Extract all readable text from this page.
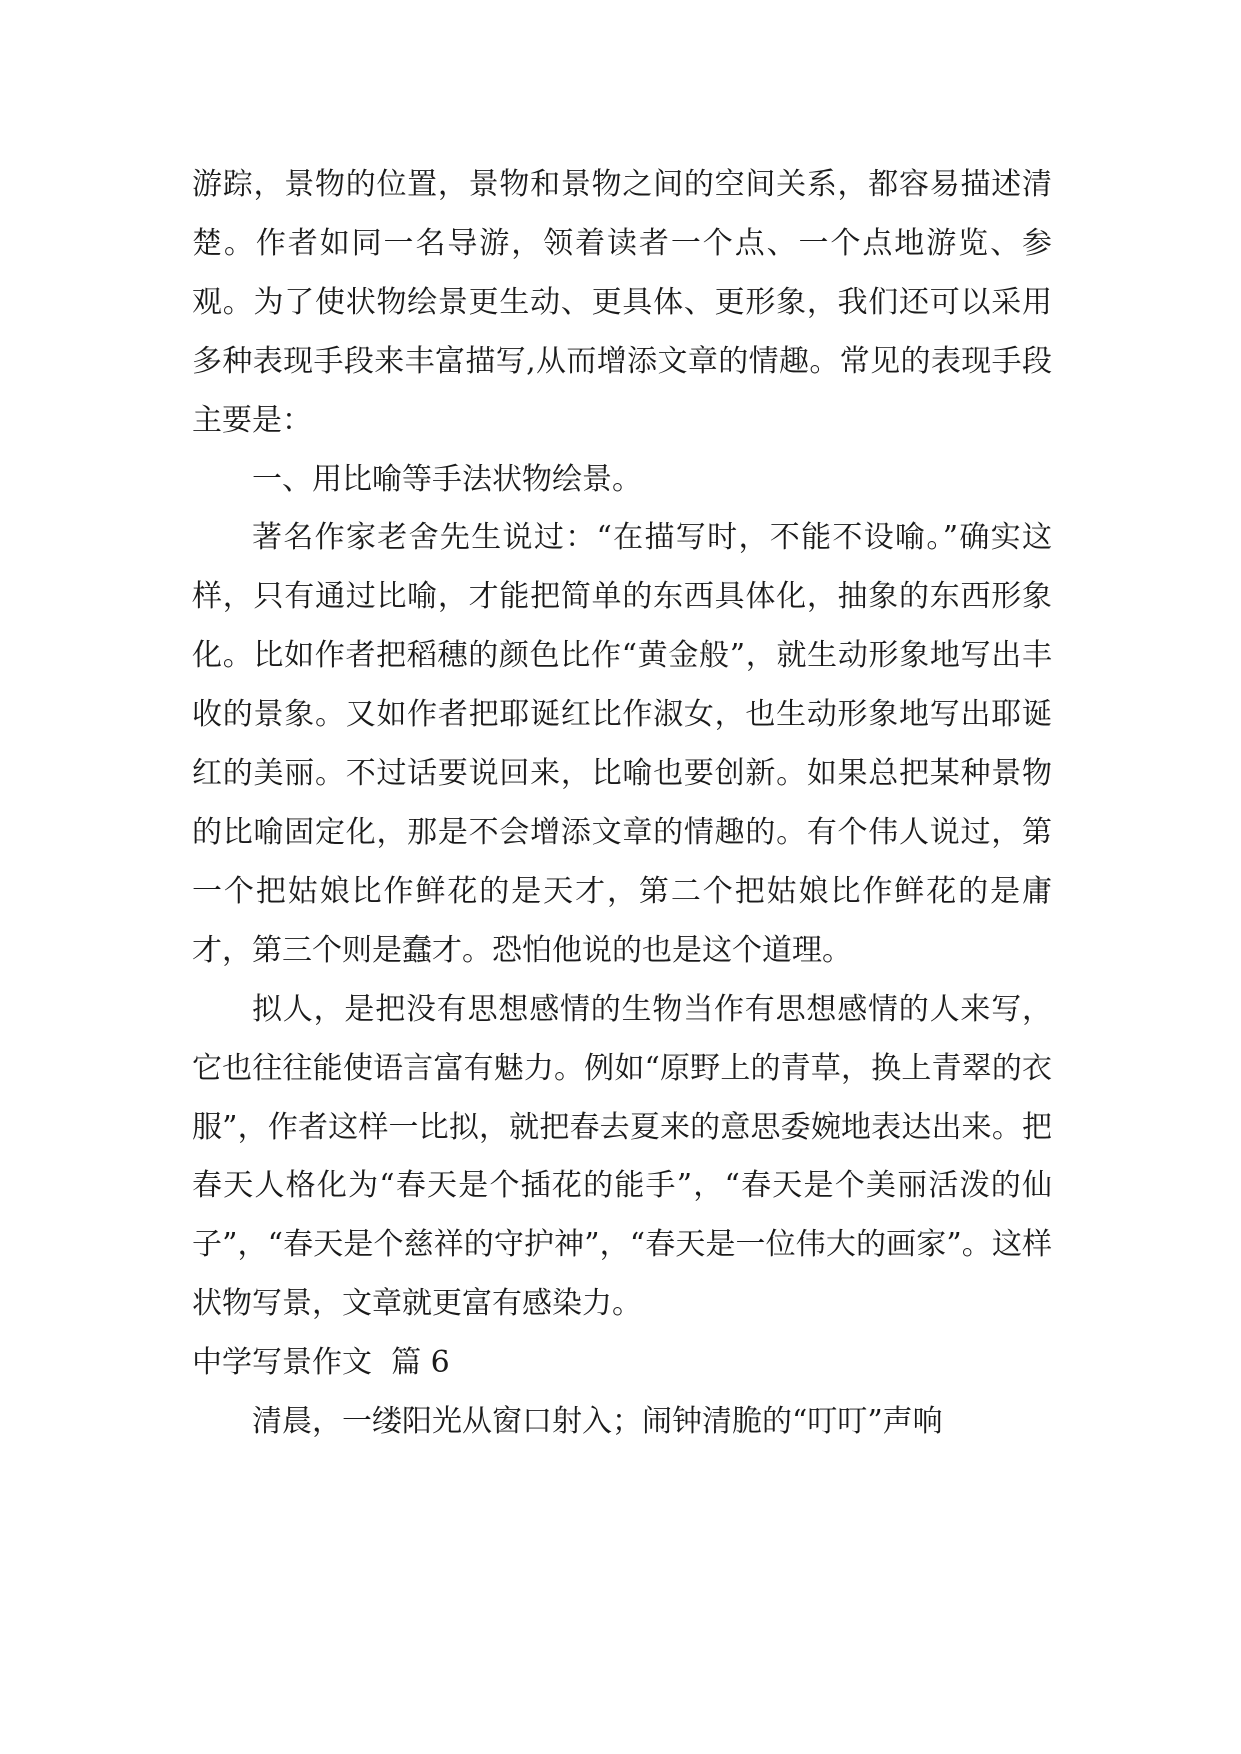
游踪，景物的位置，景物和景物之间的空间关系，都容易描述清楚。作者如同一名导游，领着读者一个点、一个点地游览、参观。为了使状物绘景更生动、更具体、更形象，我们还可以采用多种表现手段来丰富描写,从而增添文章的情趣。常见的表现手段主要是：

一、用比喻等手法状物绘景。

著名作家老舍先生说过：“在描写时，不能不设喻。”确实这样，只有通过比喻，才能把简单的东西具体化，抽象的东西形象化。比如作者把稻穗的颜色比作“黄金般”，就生动形象地写出丰收的景象。又如作者把耶诞红比作淑女，也生动形象地写出耶诞红的美丽。不过话要说回来，比喻也要创新。如果总把某种景物的比喻固定化，那是不会增添文章的情趣的。有个伟人说过，第一个把姑娘比作鲜花的是天才，第二个把姑娘比作鲜花的是庸才，第三个则是蠢才。恐怕他说的也是这个道理。

拟人，是把没有思想感情的生物当作有思想感情的人来写，它也往往能使语言富有魅力。例如“原野上的青草，换上青翠的衣服”，作者这样一比拟，就把春去夏来的意思委婉地表达出来。把春天人格化为“春天是个插花的能手”，“春天是个美丽活泼的仙子”，“春天是个慈祥的守护神”，“春天是一位伟大的画家”。这样状物写景，文章就更富有感染力。

中学写景作文  篇 6

清晨，一缕阳光从窗口射入；闹钟清脆的“叮叮”声响
